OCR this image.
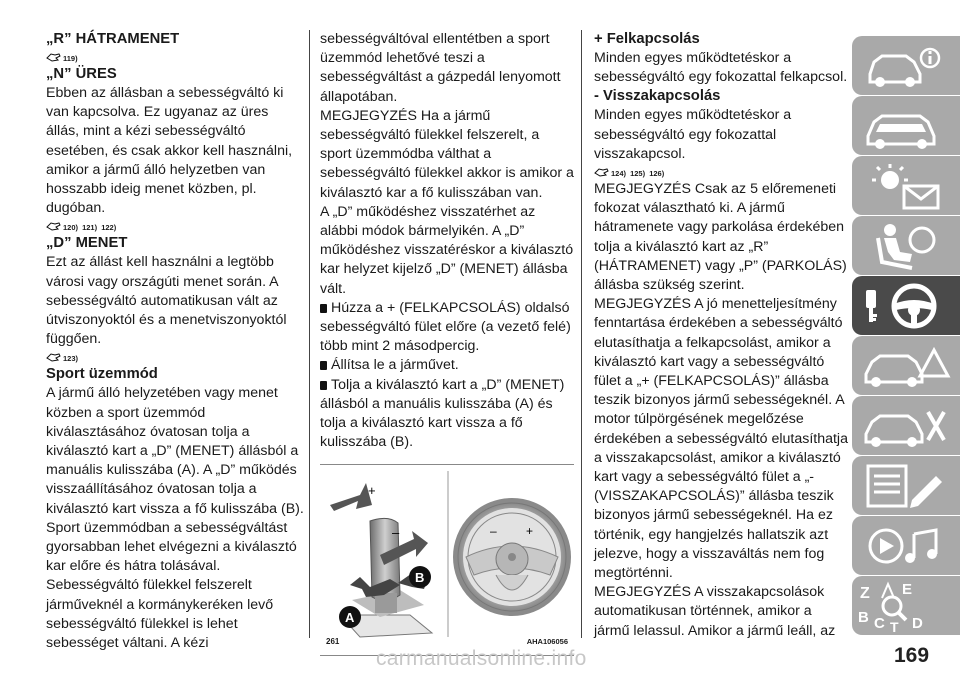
„R” HÁTRAMENET
119)
„N” ÜRES

Ebben az állásban a sebességváltó ki van kapcsolva. Ez ugyanaz az üres állás, mint a kézi sebességváltó esetében, és csak akkor kell használni, amikor a jármű álló helyzetben van hosszabb ideig menet közben, pl. dugóban.

120) 121) 122)
„D” MENET

Ezt az állást kell használni a legtöbb városi vagy országúti menet során. A sebességváltó automatikusan vált az útviszonyoktól és a menetviszonyoktól függően.

123)
Sport üzemmód

A jármű álló helyzetében vagy menet közben a sport üzemmód kiválasztásához óvatosan tolja a kiválasztó kart a „D” (MENET) állásból a manuális kulisszába (A). A „D” működés visszaállításához óvatosan tolja a kiválasztó kart vissza a fő kulisszába (B).

Sport üzemmódban a sebességváltást gyorsabban lehet elvégezni a kiválasztó kar előre és hátra tolásával. Sebességváltó fülekkel felszerelt járműveknél a kormánykeréken levő sebességváltó fülekkel is lehet sebességet váltani. A kézi

sebességváltóval ellentétben a sport üzemmód lehetővé teszi a sebességváltást a gázpedál lenyomott állapotában.

MEGJEGYZÉS Ha a jármű sebességváltó fülekkel felszerelt, a sport üzemmódba válthat a sebességváltó fülekkel akkor is amikor a kiválasztó kar a fő kulisszában van.

A „D” működéshez visszatérhet az alábbi módok bármelyikén. A „D” működéshez visszatéréskor a kiválasztó kar helyzet kijelző „D” (MENET) állásba vált.

Húzza a + (FELKAPCSOLÁS) oldalsó sebességváltó fület előre (a vezető felé) több mint 2 másodpercig.

Állítsa le a járművet.

Tolja a kiválasztó kart a „D” (MENET) állásból a manuális kulisszába (A) és tolja a kiválasztó kart vissza a fő kulisszába (B).

+
–
B
A
– +
261	AHA106056
+ Felkapcsolás

Minden egyes működtetéskor a sebességváltó egy fokozattal felkapcsol.

- Visszakapcsolás

Minden egyes működtetéskor a sebességváltó egy fokozattal visszakapcsol.

124) 125) 126)

MEGJEGYZÉS Csak az 5 előremeneti fokozat választható ki. A jármű hátramenete vagy parkolása érdekében tolja a kiválasztó kart az „R” (HÁTRAMENET) vagy „P” (PARKOLÁS) állásba szükség szerint.

MEGJEGYZÉS A jó menetteljesítmény fenntartása érdekében a sebességváltó elutasíthatja a felkapcsolást, amikor a kiválasztó kart vagy a sebességváltó fület a „+ (FELKAPCSOLÁS)” állásba teszik bizonyos jármű sebességeknél. A motor túlpörgésének megelőzése érdekében a sebességváltó elutasíthatja a visszakapcsolást, amikor a kiválasztó kart vagy a sebességváltó fület a „- (VISSZAKAPCSOLÁS)” állásba teszik bizonyos jármű sebességeknél. Ha ez történik, egy hangjelzés hallatszik azt jelezve, hogy a visszaváltás nem fog megtörténni.

MEGJEGYZÉS A visszakapcsolások automatikusan történnek, amikor a jármű lelassul. Amikor a jármű leáll, az

Z E
B C T D
carmanualsonline.info	169
